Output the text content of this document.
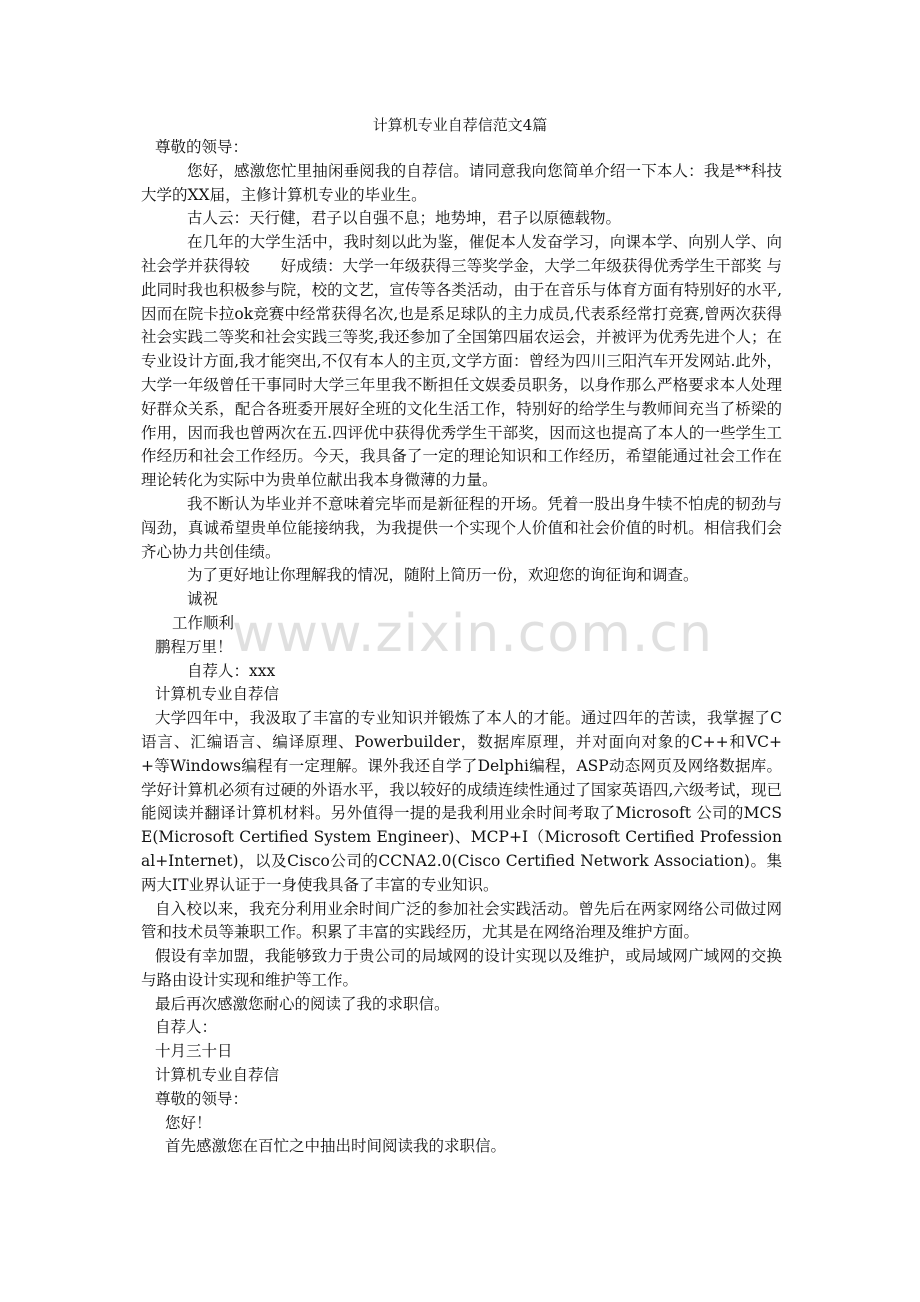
计算机专业自荐信范文4篇

尊敬的领导：

您好，感激您忙里抽闲垂阅我的自荐信。请同意我向您简单介绍一下本人：我是**科技大学的XX届，主修计算机专业的毕业生。

古人云：天行健，君子以自强不息；地势坤，君子以原德载物。

在几年的大学生活中，我时刻以此为鉴，催促本人发奋学习，向课本学、向别人学、向社会学并获得较　　好成绩：大学一年级获得三等奖学金，大学二年级获得优秀学生干部奖 与此同时我也积极参与院，校的文艺，宣传等各类活动，由于在音乐与体育方面有特别好的水平,因而在院卡拉ok竞赛中经常获得名次,也是系足球队的主力成员,代表系经常打竞赛,曾两次获得社会实践二等奖和社会实践三等奖,我还参加了全国第四届农运会，并被评为优秀先进个人；在专业设计方面,我才能突出,不仅有本人的主页,文学方面：曾经为四川三阳汽车开发网站.此外，大学一年级曾任干事同时大学三年里我不断担任文娱委员职务，以身作那么严格要求本人处理好群众关系，配合各班委开展好全班的文化生活工作，特别好的给学生与教师间充当了桥梁的作用，因而我也曾两次在五.四评优中获得优秀学生干部奖，因而这也提高了本人的一些学生工作经历和社会工作经历。今天，我具备了一定的理论知识和工作经历，希望能通过社会工作在理论转化为实际中为贵单位献出我本身微薄的力量。

我不断认为毕业并不意味着完毕而是新征程的开场。凭着一股出身牛犊不怕虎的韧劲与闯劲，真诚希望贵单位能接纳我，为我提供一个实现个人价值和社会价值的时机。相信我们会齐心协力共创佳绩。

为了更好地让你理解我的情况，随附上简历一份，欢迎您的询征询和调查。

诚祝

工作顺利

鹏程万里！

自荐人：xxx

计算机专业自荐信

大学四年中，我汲取了丰富的专业知识并锻炼了本人的才能。通过四年的苦读，我掌握了C语言、汇编语言、编译原理、Powerbuilder，数据库原理，并对面向对象的C++和VC++等Windows编程有一定理解。课外我还自学了Delphi编程，ASP动态网页及网络数据库。学好计算机必须有过硬的外语水平，我以较好的成绩连续性通过了国家英语四,六级考试，现已能阅读并翻译计算机材料。另外值得一提的是我利用业余时间考取了Microsoft 公司的MCSE(Microsoft Certified System Engineer)、MCP+I（Microsoft Certified Professional+Internet)，以及Cisco公司的CCNA2.0(Cisco Certified Network Association)。集两大IT业界认证于一身使我具备了丰富的专业知识。

自入校以来，我充分利用业余时间广泛的参加社会实践活动。曾先后在两家网络公司做过网管和技术员等兼职工作。积累了丰富的实践经历，尤其是在网络治理及维护方面。

假设有幸加盟，我能够致力于贵公司的局域网的设计实现以及维护，或局域网广域网的交换与路由设计实现和维护等工作。

最后再次感激您耐心的阅读了我的求职信。

自荐人：

十月三十日

计算机专业自荐信

尊敬的领导：

您好！

首先感激您在百忙之中抽出时间阅读我的求职信。

www.zixin.com.cn
